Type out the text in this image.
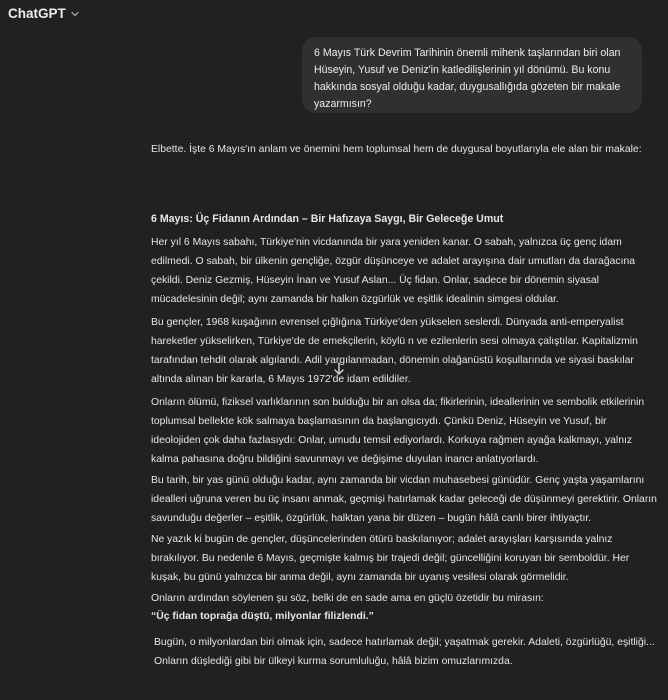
ChatGPT
6 Mayıs Türk Devrim Tarihinin önemli mihenk taşlarından biri olan Hüseyin, Yusuf ve Deniz'in katledilişlerinin yıl dönümü. Bu konu hakkında sosyal olduğu kadar, duygusallığıda gözeten bir makale yazarmısın?

Elbette. İşte 6 Mayıs'ın anlam ve önemini hem toplumsal hem de duygusal boyutlarıyla ele alan bir makale:

6 Mayıs: Üç Fidanın Ardından – Bir Hafızaya Saygı, Bir Geleceğe Umut

Her yıl 6 Mayıs sabahı, Türkiye'nin vicdanında bir yara yeniden kanar. O sabah, yalnızca üç genç idam edilmedi. O sabah, bir ülkenin gençliğe, özgür düşünceye ve adalet arayışına dair umutları da darağacına çekildi. Deniz Gezmiş, Hüseyin İnan ve Yusuf Aslan... Üç fidan. Onlar, sadece bir dönemin siyasal mücadelesinin değil; aynı zamanda bir halkın özgürlük ve eşitlik idealinin simgesi oldular.

Bu gençler, 1968 kuşağının evrensel çığlığına Türkiye'den yükselen seslerdi. Dünyada anti-emperyalist hareketler yükselirken, Türkiye'de de emekçilerin, köylü n ve ezilenlerin sesi olmaya çalıştılar. Kapitalizmin tarafından tehdit olarak algılandı. Adil yargılanmadan, dönemin olağanüstü koşullarında ve siyasi baskılar altında alınan bir kararla, 6 Mayıs 1972'de idam edildiler.

Onların ölümü, fiziksel varlıklarının son bulduğu bir an olsa da; fikirlerinin, ideallerinin ve sembolik etkilerinin toplumsal bellekte kök salmaya başlamasının da başlangıcıydı. Çünkü Deniz, Hüseyin ve Yusuf, bir ideolojiden çok daha fazlasıydı: Onlar, umudu temsil ediyorlardı. Korkuya rağmen ayağa kalkmayı, yalnız kalma pahasına doğru bildiğini savunmayı ve değişime duyulan inancı anlatıyorlardı.

Bu tarih, bir yas günü olduğu kadar, aynı zamanda bir vicdan muhasebesi günüdür. Genç yaşta yaşamlarını idealleri uğruna veren bu üç insanı anmak, geçmişi hatırlamak kadar geleceği de düşünmeyi gerektirir. Onların savunduğu değerler – eşitlik, özgürlük, halktan yana bir düzen – bugün hâlâ canlı birer ihtiyaçtır.

Ne yazık ki bugün de gençler, düşüncelerinden ötürü baskılanıyor; adalet arayışları karşısında yalnız bırakılıyor. Bu nedenle 6 Mayıs, geçmişte kalmış bir trajedi değil; güncelliğini koruyan bir semboldür. Her kuşak, bu günü yalnızca bir anma değil, aynı zamanda bir uyanış vesilesi olarak görmelidir.

Onların ardından söylenen şu söz, belki de en sade ama en güçlü özetidir bu mirasın:

“Üç fidan toprağa düştü, milyonlar filizlendi.”

Bugün, o milyonlardan biri olmak için, sadece hatırlamak değil; yaşatmak gerekir. Adaleti, özgürlüğü, eşitliği... Onların düşlediği gibi bir ülkeyi kurma sorumluluğu, hâlâ bizim omuzlarımızda.
